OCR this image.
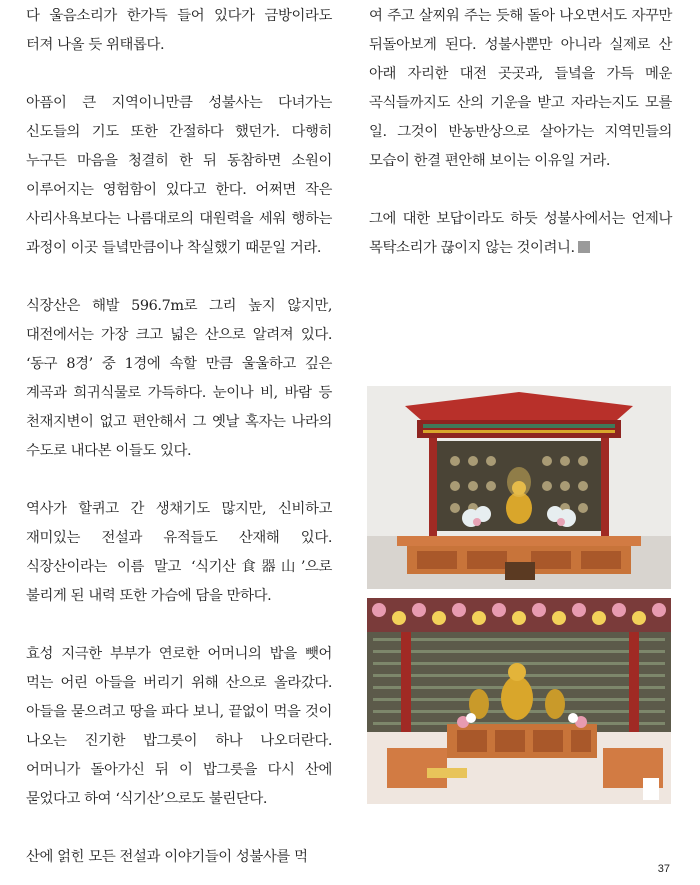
다 울음소리가 한가득 들어 있다가 금방이라도 터져 나올 듯 위태롭다.

아픔이 큰 지역이니만큼 성불사는 다녀가는 신도들의 기도 또한 간절하다 했던가. 다행히 누구든 마음을 청결히 한 뒤 동참하면 소원이 이루어지는 영험함이 있다고 한다. 어쩌면 작은 사리사욕보다는 나름대로의 대원력을 세워 행하는 과정이 이곳 들녘만큼이나 착실했기 때문일 거라.

식장산은 해발 596.7m로 그리 높지 않지만, 대전에서는 가장 크고 넓은 산으로 알려져 있다. ‘동구 8경’ 중 1경에 속할 만큼 울울하고 깊은 계곡과 희귀식물로 가득하다. 눈이나 비, 바람 등 천재지변이 없고 편안해서 그 옛날 혹자는 나라의 수도로 내다본 이들도 있다.

역사가 할퀴고 간 생채기도 많지만, 신비하고 재미있는 전설과 유적들도 산재해 있다. 식장산이라는 이름 말고 ‘식기산食器山’으로 불리게 된 내력 또한 가슴에 담을 만하다.

효성 지극한 부부가 연로한 어머니의 밥을 뺏어 먹는 어린 아들을 버리기 위해 산으로 올라갔다. 아들을 묻으려고 땅을 파다 보니, 끝없이 먹을 것이 나오는 진기한 밥그릇이 하나 나오더란다. 어머니가 돌아가신 뒤 이 밥그릇을 다시 산에 묻었다고 하여 ‘식기산’으로도 불린단다.

산에 얽힌 모든 전설과 이야기들이 성불사를 먹

여 주고 살찌워 주는 듯해 돌아 나오면서도 자꾸만 뒤돌아보게 된다. 성불사뿐만 아니라 실제로 산 아래 자리한 대전 곳곳과, 들녘을 가득 메운 곡식들까지도 산의 기운을 받고 자라는지도 모를 일. 그것이 반농반상으로 살아가는 지역민들의 모습이 한결 편안해 보이는 이유일 거라.

그에 대한 보답이라도 하듯 성불사에서는 언제나 목탁소리가 끊이지 않는 것이려니.

37
